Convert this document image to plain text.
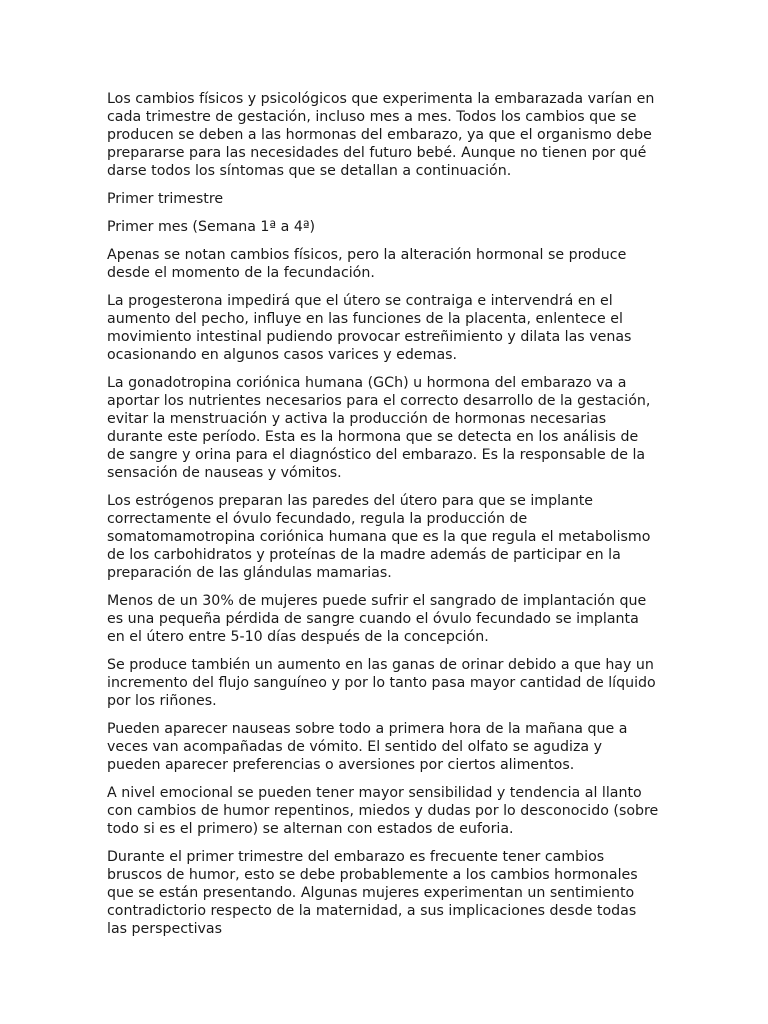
Los cambios físicos y psicológicos que experimenta la embarazada varían en cada trimestre de gestación, incluso mes a mes. Todos los cambios que se producen se deben a las hormonas del embarazo, ya que el organismo debe prepararse para las necesidades del futuro bebé. Aunque no tienen por qué darse todos los síntomas que se detallan a continuación.

Primer trimestre

Primer mes (Semana 1ª a 4ª)

Apenas se notan cambios físicos, pero la alteración hormonal se produce desde el momento de la fecundación.

La progesterona impedirá que el útero se contraiga e intervendrá en el aumento del pecho, influye en las funciones de la placenta, enlentece el movimiento intestinal pudiendo provocar estreñimiento y dilata las venas ocasionando en algunos casos varices y edemas.

La gonadotropina coriónica humana (GCh) u hormona del embarazo va a aportar los nutrientes necesarios para el correcto desarrollo de la gestación, evitar la menstruación y activa la producción de hormonas necesarias durante este período. Esta es la hormona que se detecta en los análisis de de sangre y orina para el diagnóstico del embarazo. Es la responsable de la sensación de nauseas y vómitos.

Los estrógenos preparan las paredes del útero para que se implante correctamente el óvulo fecundado, regula la producción de somatomamotropina coriónica humana que es la que regula el metabolismo de los carbohidratos y proteínas de la madre además de participar en la preparación de las glándulas mamarias.

Menos de un 30% de mujeres puede sufrir el sangrado de implantación que es una pequeña pérdida de sangre cuando el óvulo fecundado se implanta en el útero entre 5-10 días después de la concepción.

Se produce también un aumento en las ganas de orinar debido a que hay un incremento del flujo sanguíneo y por lo tanto pasa mayor cantidad de líquido por los riñones.

Pueden aparecer nauseas sobre todo a primera hora de la mañana que a veces van acompañadas de vómito. El sentido del olfato se agudiza y pueden aparecer preferencias o aversiones por ciertos alimentos.

A nivel emocional se pueden tener mayor sensibilidad y tendencia al llanto con cambios de humor repentinos, miedos y dudas por lo desconocido (sobre todo si es el primero) se alternan con estados de euforia.

Durante el primer trimestre del embarazo es frecuente tener cambios bruscos de humor, esto se debe probablemente a los cambios hormonales que se están presentando. Algunas mujeres experimentan un sentimiento contradictorio respecto de la maternidad, a sus implicaciones desde todas las perspectivas
